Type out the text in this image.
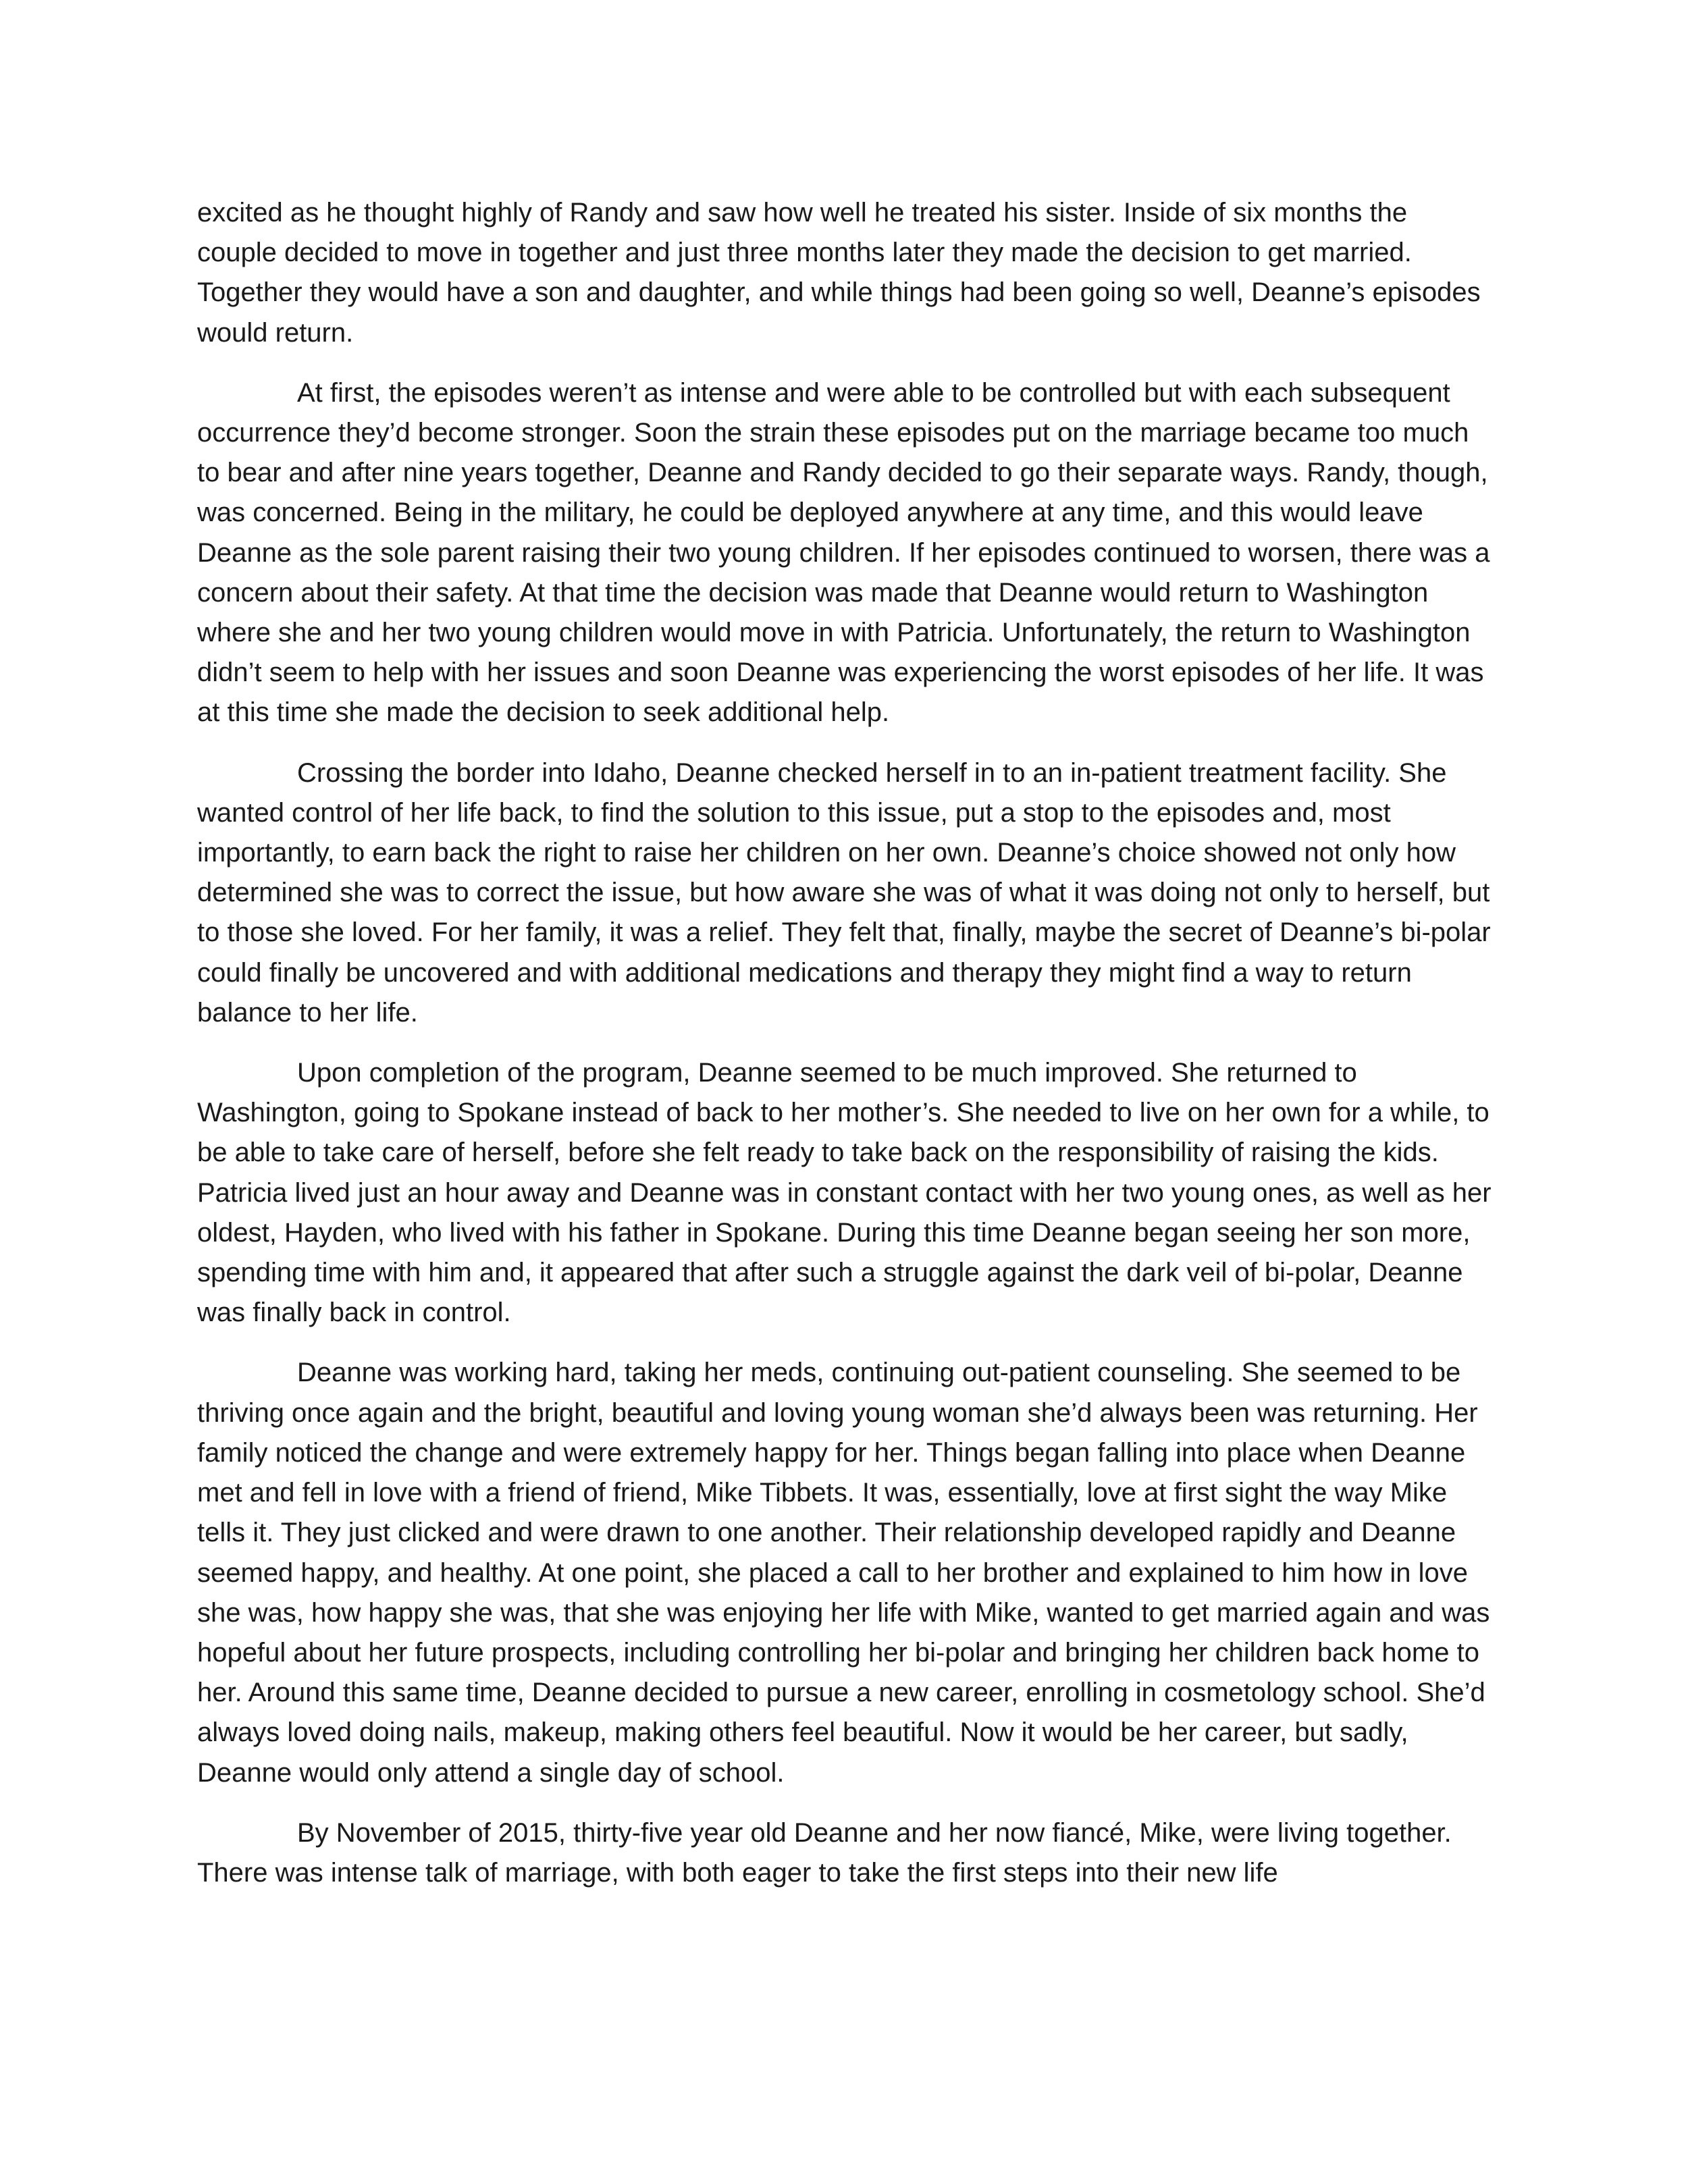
excited as he thought highly of Randy and saw how well he treated his sister. Inside of six months the couple decided to move in together and just three months later they made the decision to get married. Together they would have a son and daughter, and while things had been going so well, Deanne’s episodes would return.

At first, the episodes weren’t as intense and were able to be controlled but with each subsequent occurrence they’d become stronger. Soon the strain these episodes put on the marriage became too much to bear and after nine years together, Deanne and Randy decided to go their separate ways. Randy, though, was concerned. Being in the military, he could be deployed anywhere at any time, and this would leave Deanne as the sole parent raising their two young children. If her episodes continued to worsen, there was a concern about their safety. At that time the decision was made that Deanne would return to Washington where she and her two young children would move in with Patricia. Unfortunately, the return to Washington didn’t seem to help with her issues and soon Deanne was experiencing the worst episodes of her life. It was at this time she made the decision to seek additional help.

Crossing the border into Idaho, Deanne checked herself in to an in-patient treatment facility. She wanted control of her life back, to find the solution to this issue, put a stop to the episodes and, most importantly, to earn back the right to raise her children on her own. Deanne’s choice showed not only how determined she was to correct the issue, but how aware she was of what it was doing not only to herself, but to those she loved. For her family, it was a relief. They felt that, finally, maybe the secret of Deanne’s bi-polar could finally be uncovered and with additional medications and therapy they might find a way to return balance to her life.

Upon completion of the program, Deanne seemed to be much improved. She returned to Washington, going to Spokane instead of back to her mother’s. She needed to live on her own for a while, to be able to take care of herself, before she felt ready to take back on the responsibility of raising the kids. Patricia lived just an hour away and Deanne was in constant contact with her two young ones, as well as her oldest, Hayden, who lived with his father in Spokane. During this time Deanne began seeing her son more, spending time with him and, it appeared that after such a struggle against the dark veil of bi-polar, Deanne was finally back in control.

Deanne was working hard, taking her meds, continuing out-patient counseling. She seemed to be thriving once again and the bright, beautiful and loving young woman she’d always been was returning. Her family noticed the change and were extremely happy for her. Things began falling into place when Deanne met and fell in love with a friend of friend, Mike Tibbets. It was, essentially, love at first sight the way Mike tells it. They just clicked and were drawn to one another. Their relationship developed rapidly and Deanne seemed happy, and healthy. At one point, she placed a call to her brother and explained to him how in love she was, how happy she was, that she was enjoying her life with Mike, wanted to get married again and was hopeful about her future prospects, including controlling her bi-polar and bringing her children back home to her. Around this same time, Deanne decided to pursue a new career, enrolling in cosmetology school. She’d always loved doing nails, makeup, making others feel beautiful. Now it would be her career, but sadly, Deanne would only attend a single day of school.

By November of 2015, thirty-five year old Deanne and her now fiancé, Mike, were living together. There was intense talk of marriage, with both eager to take the first steps into their new life
